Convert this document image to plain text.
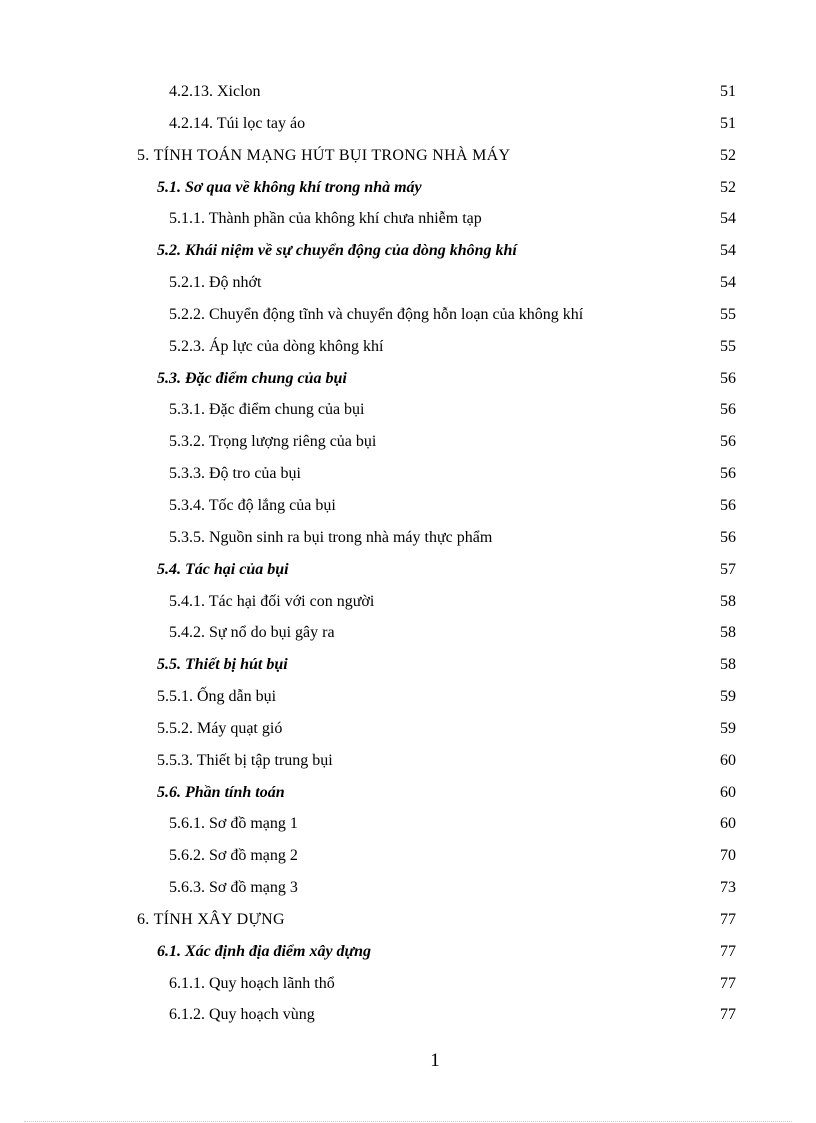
4.2.13. Xiclon	51
4.2.14. Túi lọc tay áo	51
5. TÍNH TOÁN MẠNG HÚT BỤI TRONG NHÀ MÁY	52
5.1. Sơ qua về không khí trong nhà máy	52
5.1.1. Thành phần của không khí chưa nhiễm tạp	54
5.2. Khái niệm về sự chuyển động của dòng không khí	54
5.2.1. Độ nhớt	54
5.2.2. Chuyển động tĩnh và chuyển động hỗn loạn của không khí	55
5.2.3. Áp lực của dòng không khí	55
5.3. Đặc điểm chung của bụi	56
5.3.1. Đặc điểm chung của bụi	56
5.3.2. Trọng lượng riêng của bụi	56
5.3.3. Độ tro của bụi	56
5.3.4. Tốc độ lắng của bụi	56
5.3.5. Nguồn sinh ra bụi trong nhà máy thực phẩm	56
5.4. Tác hại của bụi	57
5.4.1. Tác hại đối với con người	58
5.4.2. Sự nổ do bụi gây ra	58
5.5. Thiết bị hút bụi	58
5.5.1. Ống dẫn bụi	59
5.5.2. Máy quạt gió	59
5.5.3. Thiết bị tập trung bụi	60
5.6. Phần tính toán	60
5.6.1. Sơ đồ mạng 1	60
5.6.2. Sơ đồ mạng 2	70
5.6.3. Sơ đồ mạng 3	73
6. TÍNH XÂY DỰNG	77
6.1. Xác định địa điểm xây dựng	77
6.1.1. Quy hoạch lãnh thổ	77
6.1.2. Quy hoạch vùng	77
1
